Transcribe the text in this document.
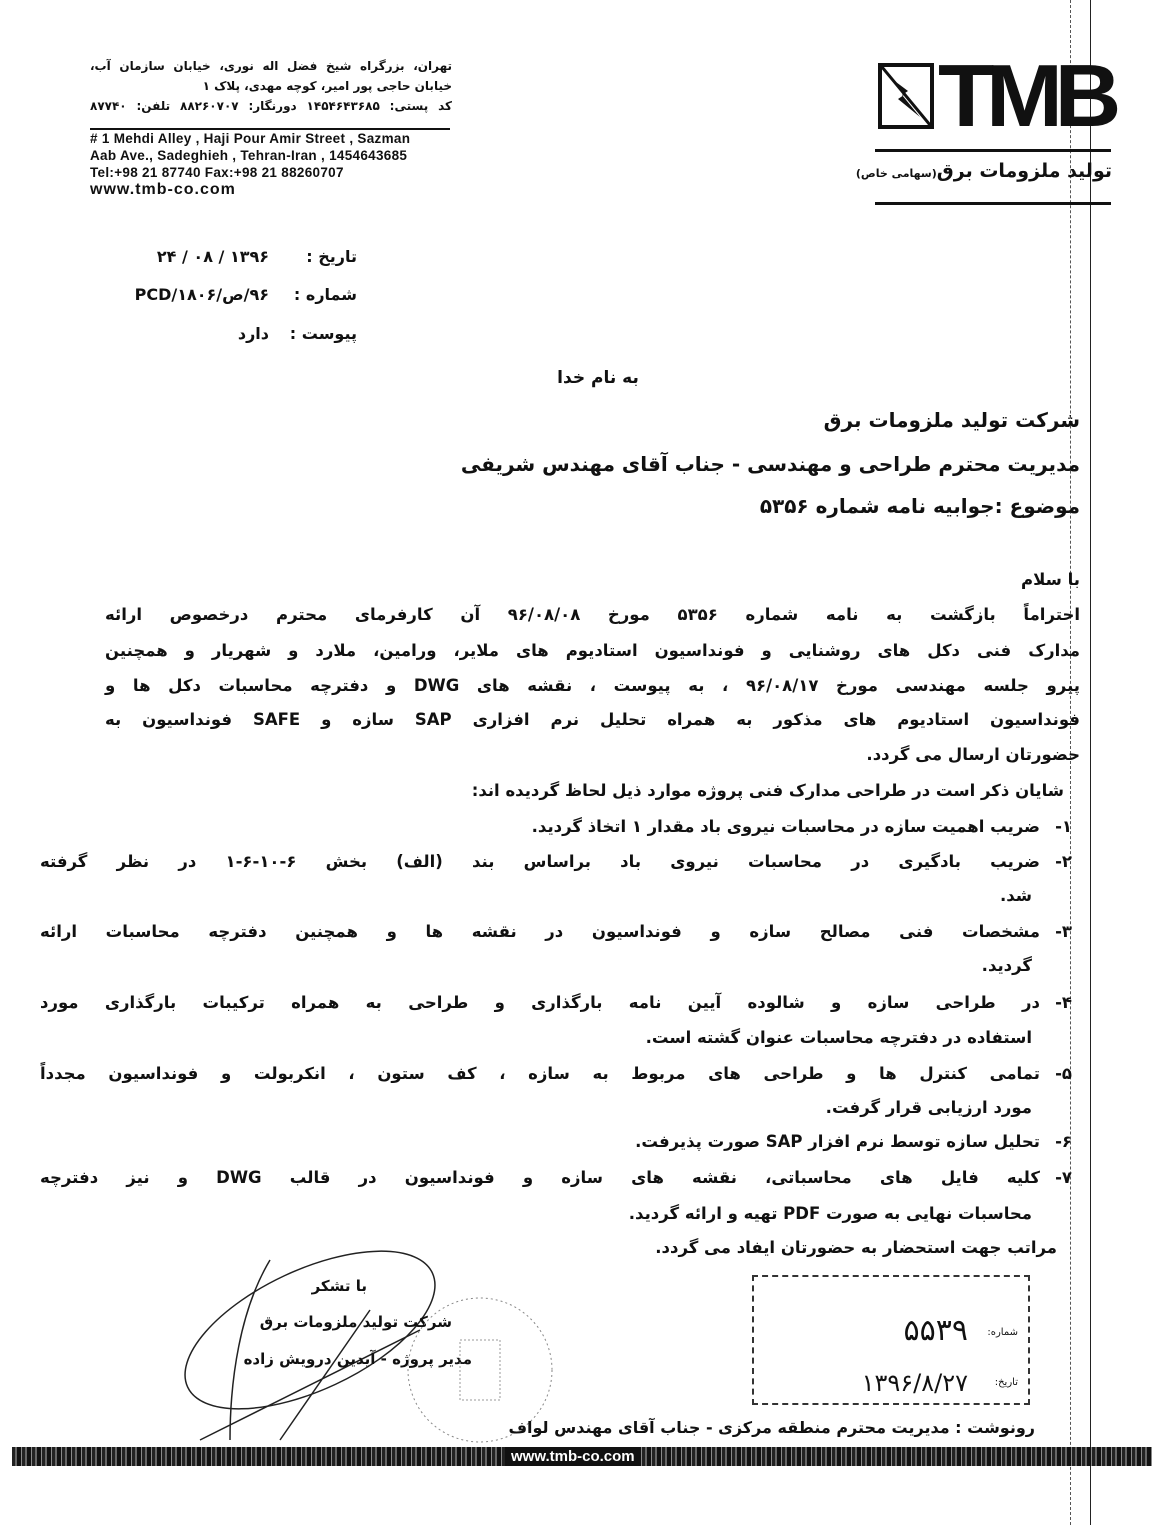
تهران، بزرگراه شیخ فضل اله نوری، خیابان سازمان آب،
خیابان حاجی پور امیر، کوچه مهدی، پلاک ۱
کد پستی: ۱۴۵۴۶۴۳۶۸۵ دورنگار: ۸۸۲۶۰۷۰۷ تلفن: ۸۷۷۴۰
# 1 Mehdi Alley , Haji Pour Amir Street , Sazman
Aab Ave., Sadeghieh , Tehran-Iran , 1454643685
Tel:+98 21 87740 Fax:+98 21 88260707
www.tmb-co.com
TMB
تولید ملزومات برق(سهامی خاص)
تاریخ :
۱۳۹۶ / ۰۸ / ۲۴
شماره :
۹۶/ص/PCD/۱۸۰۶
پیوست :
دارد
به نام خدا
شرکت تولید ملزومات برق
مدیریت محترم طراحی و مهندسی - جناب آقای مهندس شریفی
موضوع :جوابیه نامه شماره ۵۳۵۶
با سلام
احتراماً بازگشت به نامه شماره ۵۳۵۶ مورخ ۹۶/۰۸/۰۸ آن کارفرمای محترم درخصوص ارائه
مدارک فنی دکل های روشنایی و فونداسیون استادیوم های ملایر، ورامین، ملارد و شهریار و همچنین
پیرو جلسه مهندسی مورخ ۹۶/۰۸/۱۷ ، به پیوست ، نقشه های DWG و دفترچه محاسبات دکل ها و
فونداسیون استادیوم های مذکور به همراه تحلیل نرم افزاری SAP سازه و SAFE فونداسیون به
حضورتان ارسال می گردد.
شایان ذکر است در طراحی مدارک فنی پروژه موارد ذیل لحاظ گردیده اند:
۱-
ضریب اهمیت سازه در محاسبات نیروی باد مقدار ۱ اتخاذ گردید.
۲-
ضریب بادگیری در محاسبات نیروی باد براساس بند (الف) بخش ۶-۱۰-۶-۱ در نظر گرفته
شد.
۳-
مشخصات فنی مصالح سازه و فونداسیون در نقشه ها و همچنین دفترچه محاسبات ارائه
گردید.
۴-
در طراحی سازه و شالوده آیین نامه بارگذاری و طراحی به همراه ترکیبات بارگذاری مورد
استفاده در دفترچه محاسبات عنوان گشته است.
۵-
تمامی کنترل ها و طراحی های مربوط به سازه ، کف ستون ، انکربولت و فونداسیون مجدداً
مورد ارزیابی قرار گرفت.
۶-
تحلیل سازه توسط نرم افزار SAP صورت پذیرفت.
۷-
کلیه فایل های محاسباتی، نقشه های سازه و فونداسیون در قالب DWG و نیز دفترچه
محاسبات نهایی به صورت PDF تهیه و ارائه گردید.
مراتب جهت استحضار به حضورتان ایفاد می گردد.
با تشکر
شرکت تولید ملزومات برق
مدیر پروژه - آیدین درویش زاده
شماره:
۵۵۳۹
تاریخ:
۱۳۹۶/۸/۲۷
رونوشت : مدیریت محترم منطقه مرکزی - جناب آقای مهندس لواف
www.tmb-co.com
